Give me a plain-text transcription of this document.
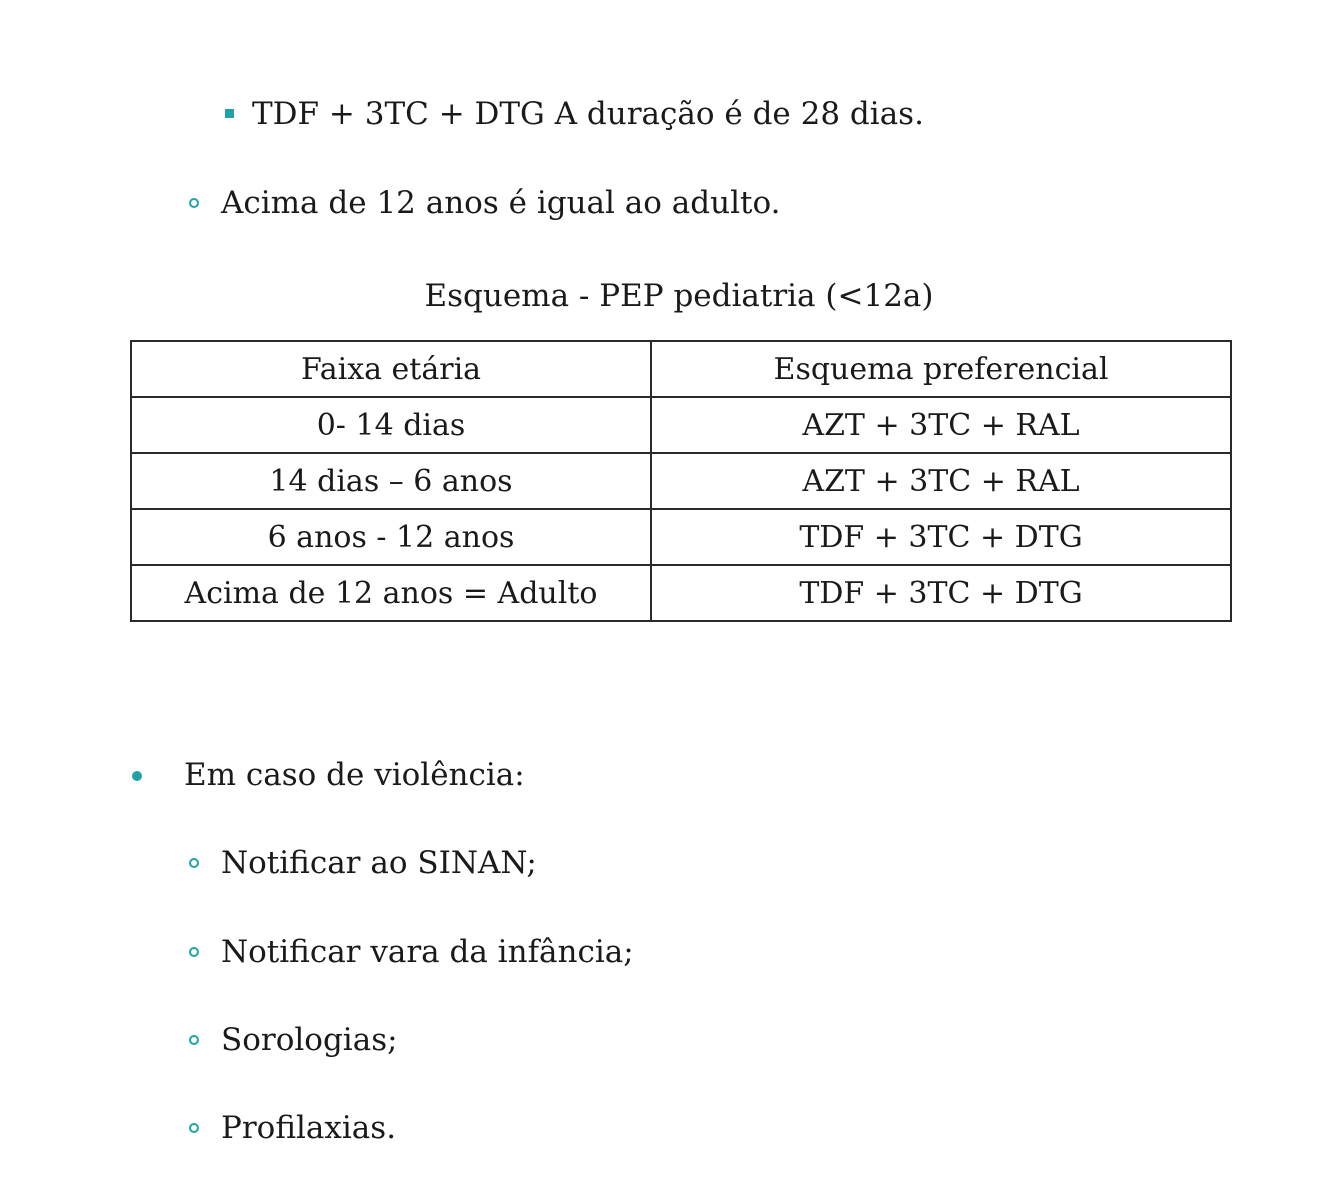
TDF + 3TC + DTG A duração é de 28 dias.
Acima de 12 anos é igual ao adulto.
Esquema - PEP pediatria (<12a)
Faixa etária	Esquema preferencial
0- 14 dias	AZT + 3TC + RAL
14 dias – 6 anos	AZT + 3TC + RAL
6 anos - 12 anos	TDF + 3TC + DTG
Acima de 12 anos = Adulto	TDF + 3TC + DTG
Em caso de violência:
Notificar ao SINAN;
Notificar vara da infância;
Sorologias;
Profilaxias.
